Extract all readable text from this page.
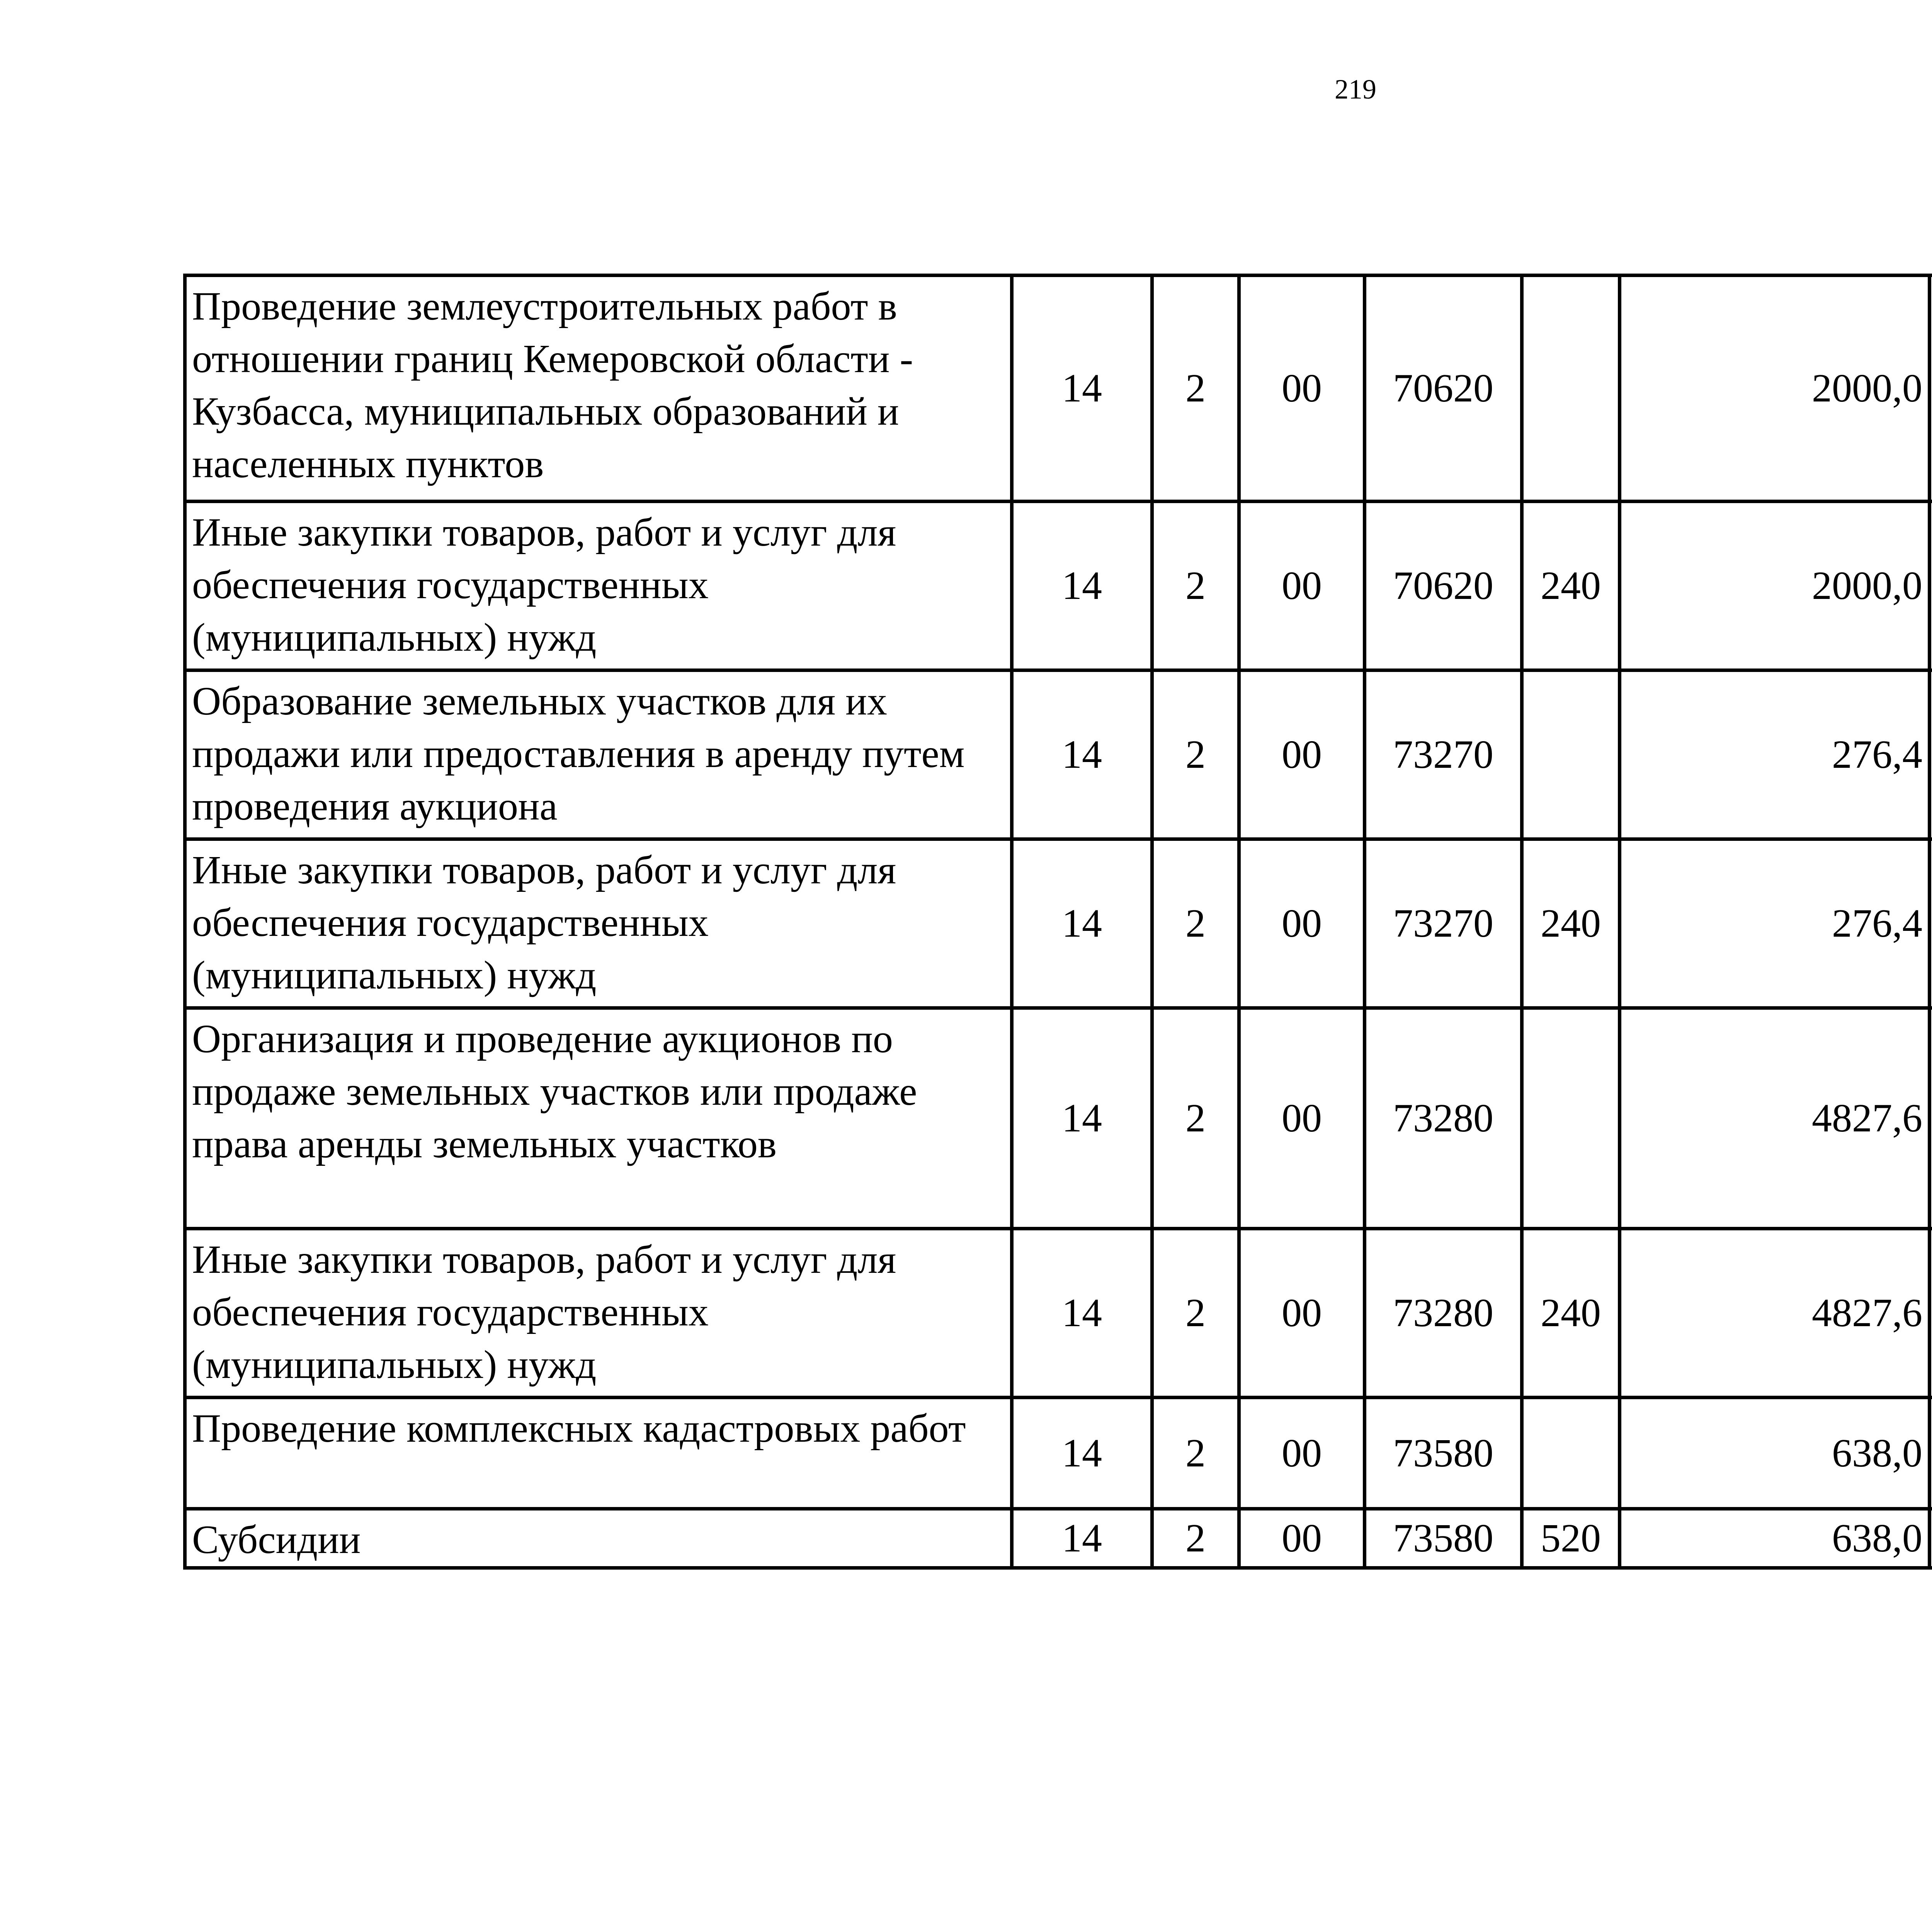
219
Проведение землеустроительных работ в отношении границ Кемеровской области - Кузбасса, муниципальных образований и населенных пунктов	14	2	00	70620		2000,0		
Иные закупки товаров, работ и услуг для обеспечения государственных (муниципальных) нужд	14	2	00	70620	240	2000,0		
Образование земельных участков для их продажи или предоставления в аренду путем проведения аукциона	14	2	00	73270		276,4		
Иные закупки товаров, работ и услуг для обеспечения государственных (муниципальных) нужд	14	2	00	73270	240	276,4		
Организация и проведение аукционов по продаже земельных участков или продаже права аренды земельных участков	14	2	00	73280		4827,6		
Иные закупки товаров, работ и услуг для обеспечения государственных (муниципальных) нужд	14	2	00	73280	240	4827,6		
Проведение комплексных кадастровых работ	14	2	00	73580		638,0		
Субсидии	14	2	00	73580	520	638,0		
